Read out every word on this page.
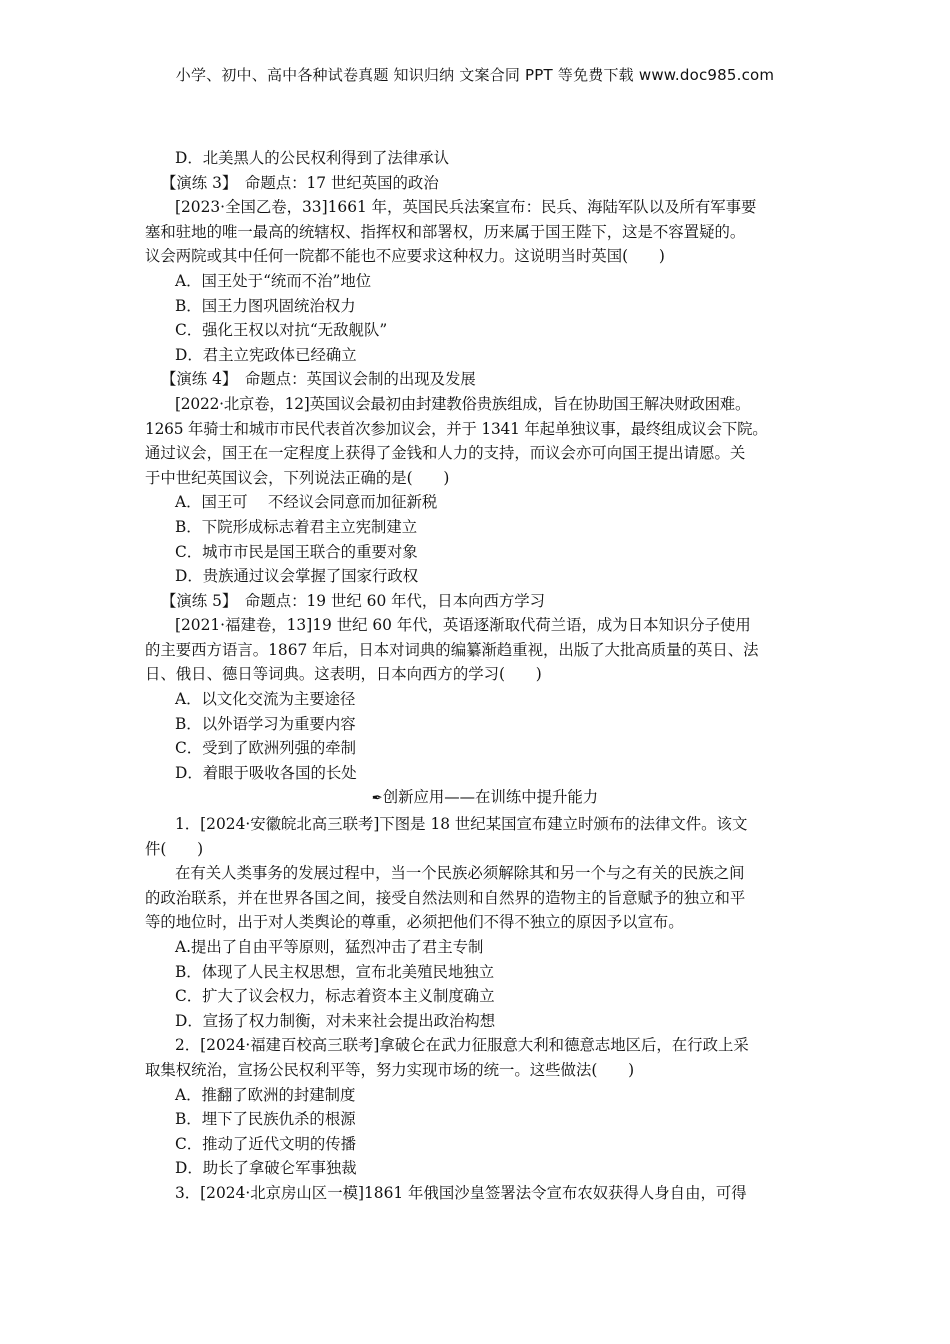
小学、初中、高中各种试卷真题 知识归纳 文案合同 PPT 等免费下载 www.doc985.com
D．北美黑人的公民权利得到了法律承认
【演练 3】　命题点：17 世纪英国的政治
[2023·全国乙卷，33]1661 年，英国民兵法案宣布：民兵、海陆军队以及所有军事要
塞和驻地的唯一最高的统辖权、指挥权和部署权，历来属于国王陛下，这是不容置疑的。
议会两院或其中任何一院都不能也不应要求这种权力。这说明当时英国(　　)
A．国王处于“统而不治”地位
B．国王力图巩固统治权力
C．强化王权以对抗“无敌舰队”
D．君主立宪政体已经确立
【演练 4】　命题点：英国议会制的出现及发展
[2022·北京卷，12]英国议会最初由封建教俗贵族组成，旨在协助国王解决财政困难。
1265 年骑士和城市市民代表首次参加议会，并于 1341 年起单独议事，最终组成议会下院。
通过议会，国王在一定程度上获得了金钱和人力的支持，而议会亦可向国王提出请愿。关
于中世纪英国议会，下列说法正确的是(　　)
A．国王可　 不经议会同意而加征新税
B．下院形成标志着君主立宪制建立
C．城市市民是国王联合的重要对象
D．贵族通过议会掌握了国家行政权
【演练 5】　命题点：19 世纪 60 年代，日本向西方学习
[2021·福建卷，13]19 世纪 60 年代，英语逐渐取代荷兰语，成为日本知识分子使用
的主要西方语言。1867 年后，日本对词典的编纂渐趋重视，出版了大批高质量的英日、法
日、俄日、德日等词典。这表明，日本向西方的学习(　　)
A．以文化交流为主要途径
B．以外语学习为重要内容
C．受到了欧洲列强的牵制
D．着眼于吸收各国的长处
✒创新应用——在训练中提升能力
1．[2024·安徽皖北高三联考]下图是 18 世纪某国宣布建立时颁布的法律文件。该文
件(　　)
在有关人类事务的发展过程中，当一个民族必须解除其和另一个与之有关的民族之间
的政治联系，并在世界各国之间，接受自然法则和自然界的造物主的旨意赋予的独立和平
等的地位时，出于对人类舆论的尊重，必须把他们不得不独立的原因予以宣布。
A.提出了自由平等原则，猛烈冲击了君主专制
B．体现了人民主权思想，宣布北美殖民地独立
C．扩大了议会权力，标志着资本主义制度确立
D．宣扬了权力制衡，对未来社会提出政治构想
2．[2024·福建百校高三联考]拿破仑在武力征服意大利和德意志地区后，在行政上采
取集权统治，宣扬公民权利平等，努力实现市场的统一。这些做法(　　)
A．推翻了欧洲的封建制度
B．埋下了民族仇杀的根源
C．推动了近代文明的传播
D．助长了拿破仑军事独裁
3．[2024·北京房山区一模]1861 年俄国沙皇签署法令宣布农奴获得人身自由，可得
